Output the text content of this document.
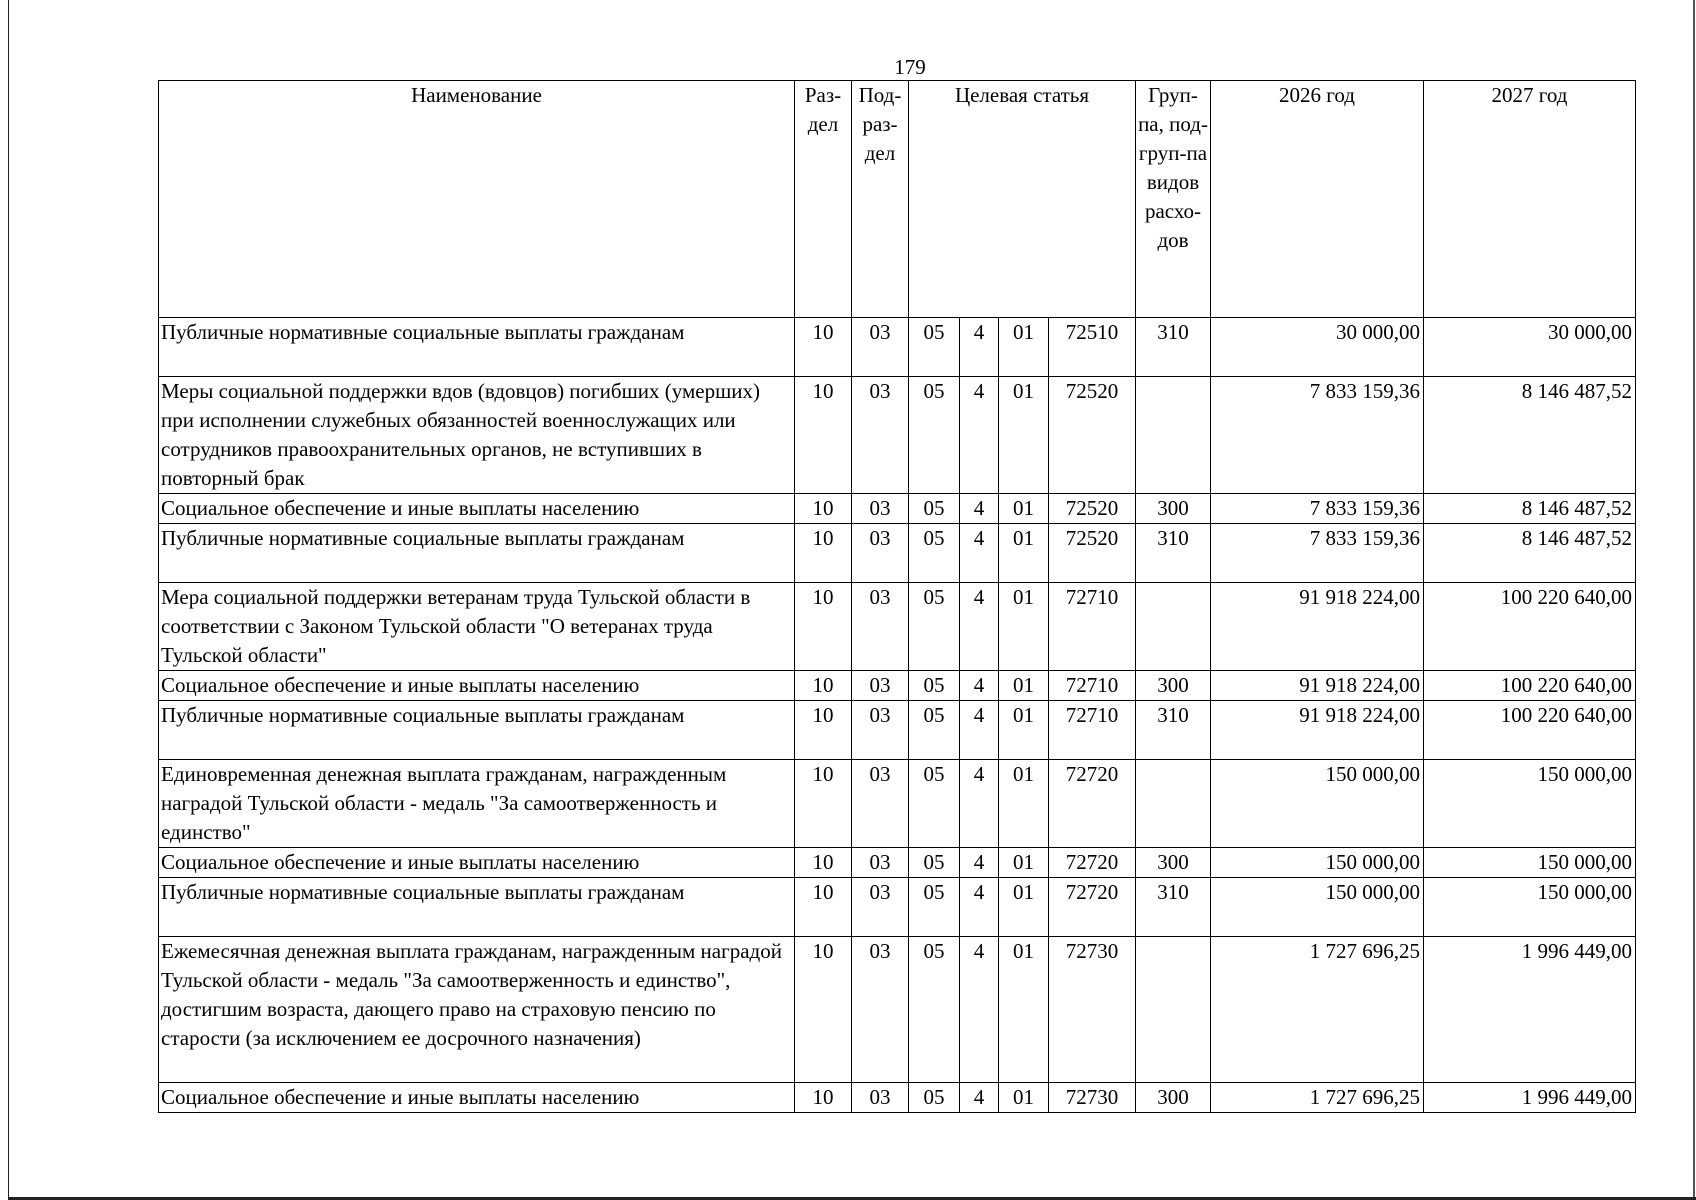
179
Наименование	Раз-дел	Под-раз-дел	Целевая статья				Груп-па, под-груп-па видов расхо-дов	2026 год	2027 год
Публичные нормативные социальные выплаты гражданам	10	03	05	4	01	72510	310	30 000,00	30 000,00
Меры социальной поддержки вдов (вдовцов) погибших (умерших) при исполнении служебных обязанностей военнослужащих или сотрудников правоохранительных органов, не вступивших в повторный брак	10	03	05	4	01	72520		7 833 159,36	8 146 487,52
Социальное обеспечение и иные выплаты населению	10	03	05	4	01	72520	300	7 833 159,36	8 146 487,52
Публичные нормативные социальные выплаты гражданам	10	03	05	4	01	72520	310	7 833 159,36	8 146 487,52
Мера социальной поддержки ветеранам труда Тульской области в соответствии с Законом Тульской области "О ветеранах труда Тульской области"	10	03	05	4	01	72710		91 918 224,00	100 220 640,00
Социальное обеспечение и иные выплаты населению	10	03	05	4	01	72710	300	91 918 224,00	100 220 640,00
Публичные нормативные социальные выплаты гражданам	10	03	05	4	01	72710	310	91 918 224,00	100 220 640,00
Единовременная денежная выплата гражданам, награжденным наградой Тульской области - медаль "За самоотверженность и единство"	10	03	05	4	01	72720		150 000,00	150 000,00
Социальное обеспечение и иные выплаты населению	10	03	05	4	01	72720	300	150 000,00	150 000,00
Публичные нормативные социальные выплаты гражданам	10	03	05	4	01	72720	310	150 000,00	150 000,00
Ежемесячная денежная выплата гражданам, награжденным наградой Тульской области - медаль "За самоотверженность и единство", достигшим возраста, дающего право на страховую пенсию по старости (за исключением ее досрочного назначения)	10	03	05	4	01	72730		1 727 696,25	1 996 449,00
Социальное обеспечение и иные выплаты населению	10	03	05	4	01	72730	300	1 727 696,25	1 996 449,00
